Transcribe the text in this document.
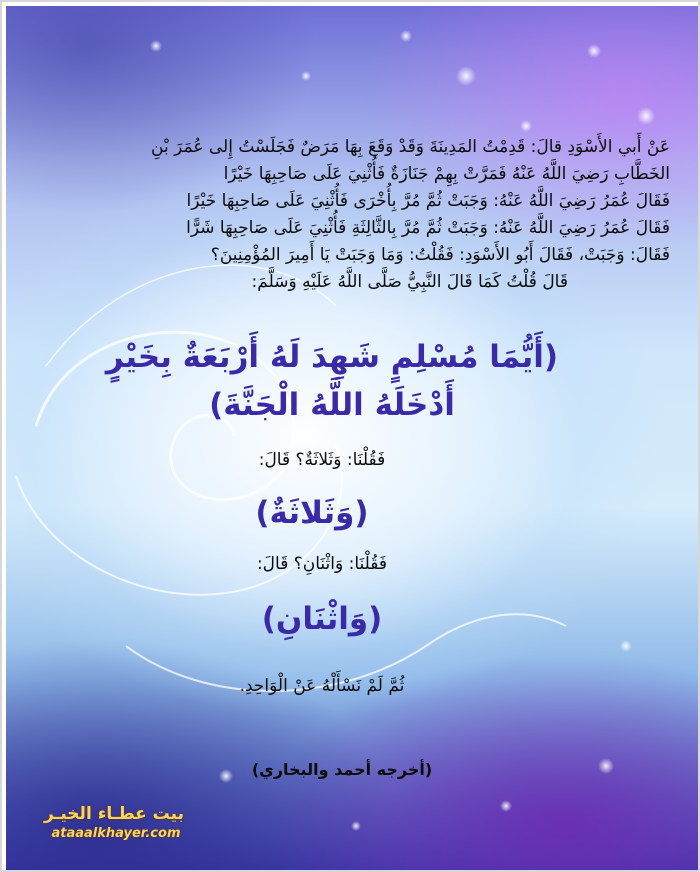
عَنْ أَبي الأَسْوَدِ قالَ: قَدِمْتُ المَدِينَةَ وَقَدْ وَقَعَ بِهَا مَرَضٌ فَجَلَسْتُ إِلى عُمَرَ بْنِ
الخَطَّابِ رَضِيَ اللَّهُ عَنْهُ فَمَرَّتْ بِهِمْ جَنَازَةٌ فَأُثْنِيَ عَلَى صَاحِبِهَا خَيْرًا
فَقَالَ عُمَرُ رَضِيَ اللَّهُ عَنْهُ: وَجَبَتْ ثُمَّ مُرَّ بِأُخْرَى فَأُثْنِيَ عَلَى صَاحِبِهَا خَيْرًا
فَقَالَ عُمَرُ رَضِيَ اللَّهُ عَنْهُ: وَجَبَتْ ثُمَّ مُرَّ بِالثَّالِثَةِ فَأُثْنِيَ عَلَى صَاحِبِهَا شَرًّا
فَقَالَ: وَجَبَتْ، فَقَالَ أَبُو الأَسْوَدِ: فَقُلْتُ: وَمَا وَجَبَتْ يَا أَمِيرَ المُؤْمِنِينَ؟
قَالَ قُلْتُ كَمَا قَالَ النَّبِيُّ صَلَّى اللَّهُ عَلَيْهِ وَسَلَّمَ:
(أَيُّمَا مُسْلِمٍ شَهِدَ لَهُ أَرْبَعَةٌ بِخَيْرٍ
أَدْخَلَهُ اللَّهُ الْجَنَّةَ)
فَقُلْنَا: وَثَلاثَةٌ؟ قَالَ:
(وَثَلاثَةٌ)
فَقُلْنَا: وَاثْنَانِ؟ قَالَ:
(وَاثْنَانِ)
ثُمَّ لَمْ نَسْأَلْهُ عَنْ الْوَاحِدِ.
(أخرجه أحمد والبخاري)
بيت عطـاء الخيـر
ataaalkhayer.com
